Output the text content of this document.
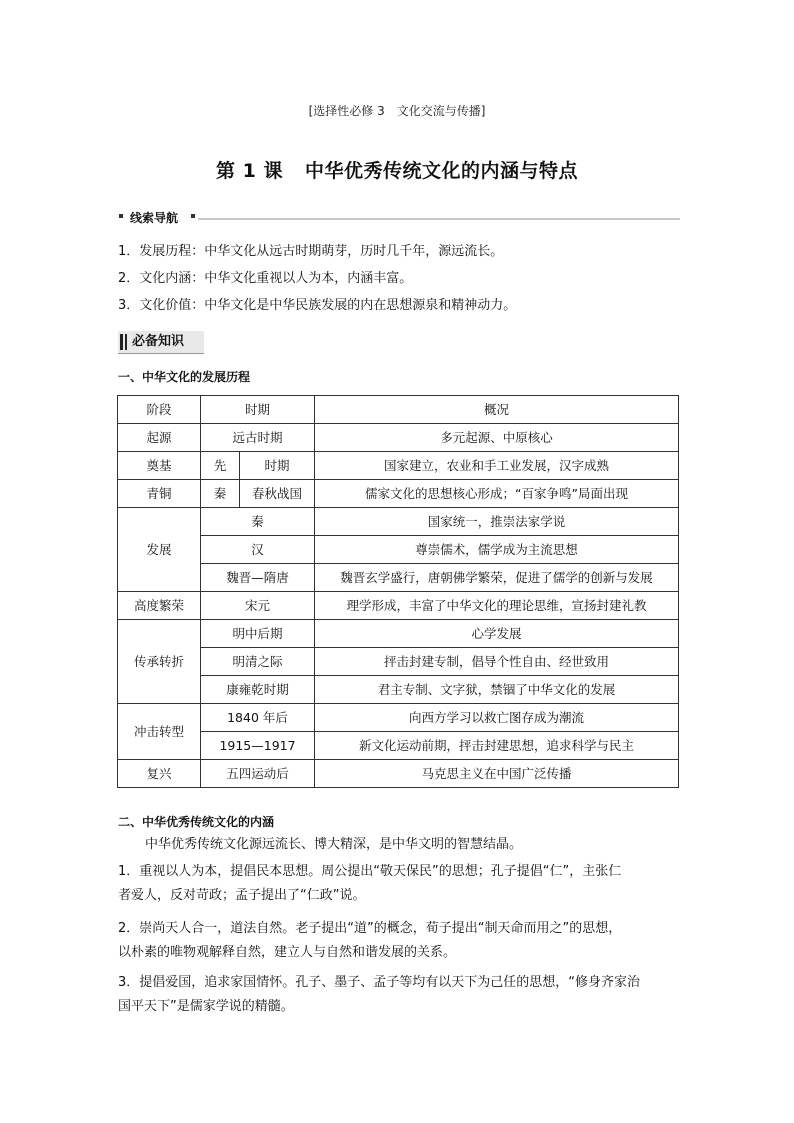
[选择性必修 3　文化交流与传播]
第 1 课 中华优秀传统文化的内涵与特点
线索导航
1．发展历程：中华文化从远古时期萌芽，历时几千年，源远流长。
2．文化内涵：中华文化重视以人为本，内涵丰富。
3．文化价值：中华文化是中华民族发展的内在思想源泉和精神动力。
必备知识
一、中华文化的发展历程
阶段	时期		概况
起源	远古时期		多元起源、中原核心
奠基	先	时期	国家建立，农业和手工业发展，汉字成熟
青铜	秦	春秋战国	儒家文化的思想核心形成；“百家争鸣”局面出现
发展	秦		国家统一，推崇法家学说
	汉		尊崇儒术，儒学成为主流思想
	魏晋—隋唐		魏晋玄学盛行，唐朝佛学繁荣，促进了儒学的创新与发展
高度繁荣	宋元		理学形成，丰富了中华文化的理论思维，宣扬封建礼教
传承转折	明中后期		心学发展
	明清之际		抨击封建专制，倡导个性自由、经世致用
	康雍乾时期		君主专制、文字狱，禁锢了中华文化的发展
冲击转型	1840 年后		向西方学习以救亡图存成为潮流
	1915—1917		新文化运动前期，抨击封建思想，追求科学与民主
复兴	五四运动后		马克思主义在中国广泛传播
二、中华优秀传统文化的内涵
中华优秀传统文化源远流长、博大精深，是中华文明的智慧结晶。
1．重视以人为本，提倡民本思想。周公提出“敬天保民”的思想；孔子提倡“仁”，主张仁
者爱人，反对苛政；孟子提出了“仁政”说。
2．崇尚天人合一，道法自然。老子提出“道”的概念，荀子提出“制天命而用之”的思想，
以朴素的唯物观解释自然，建立人与自然和谐发展的关系。
3．提倡爱国，追求家国情怀。孔子、墨子、孟子等均有以天下为己任的思想，“修身齐家治
国平天下”是儒家学说的精髓。
